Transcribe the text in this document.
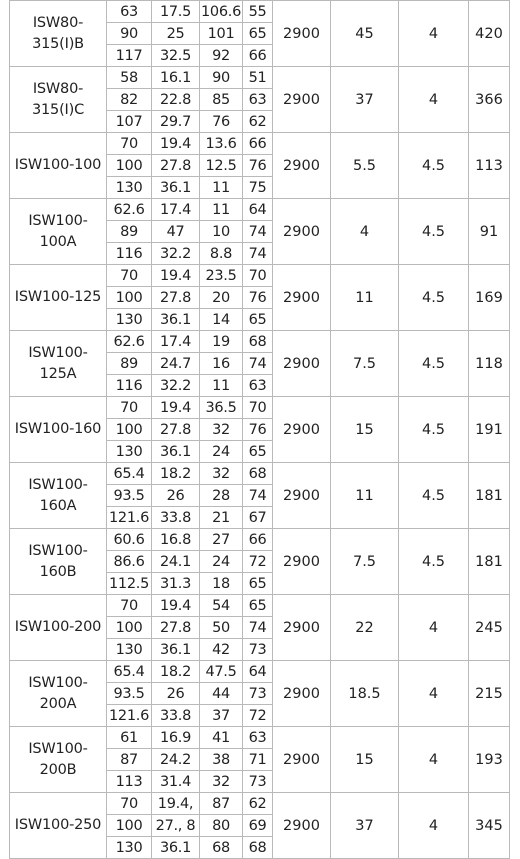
ISW80-315(I)B	63	17.5	106.6	55	2900	45	4	420
	90	25	101	65				
	117	32.5	92	66				
ISW80-315(I)C	58	16.1	90	51	2900	37	4	366
	82	22.8	85	63				
	107	29.7	76	62				
ISW100-100	70	19.4	13.6	66	2900	5.5	4.5	113
	100	27.8	12.5	76				
	130	36.1	11	75				
ISW100-100A	62.6	17.4	11	64	2900	4	4.5	91
	89	47	10	74				
	116	32.2	8.8	74				
ISW100-125	70	19.4	23.5	70	2900	11	4.5	169
	100	27.8	20	76				
	130	36.1	14	65				
ISW100-125A	62.6	17.4	19	68	2900	7.5	4.5	118
	89	24.7	16	74				
	116	32.2	11	63				
ISW100-160	70	19.4	36.5	70	2900	15	4.5	191
	100	27.8	32	76				
	130	36.1	24	65				
ISW100-160A	65.4	18.2	32	68	2900	11	4.5	181
	93.5	26	28	74				
	121.6	33.8	21	67				
ISW100-160B	60.6	16.8	27	66	2900	7.5	4.5	181
	86.6	24.1	24	72				
	112.5	31.3	18	65				
ISW100-200	70	19.4	54	65	2900	22	4	245
	100	27.8	50	74				
	130	36.1	42	73				
ISW100-200A	65.4	18.2	47.5	64	2900	18.5	4	215
	93.5	26	44	73				
	121.6	33.8	37	72				
ISW100-200B	61	16.9	41	63	2900	15	4	193
	87	24.2	38	71				
	113	31.4	32	73				
ISW100-250	70	19.4,	87	62	2900	37	4	345
	100	27., 8	80	69				
	130	36.1	68	68				
